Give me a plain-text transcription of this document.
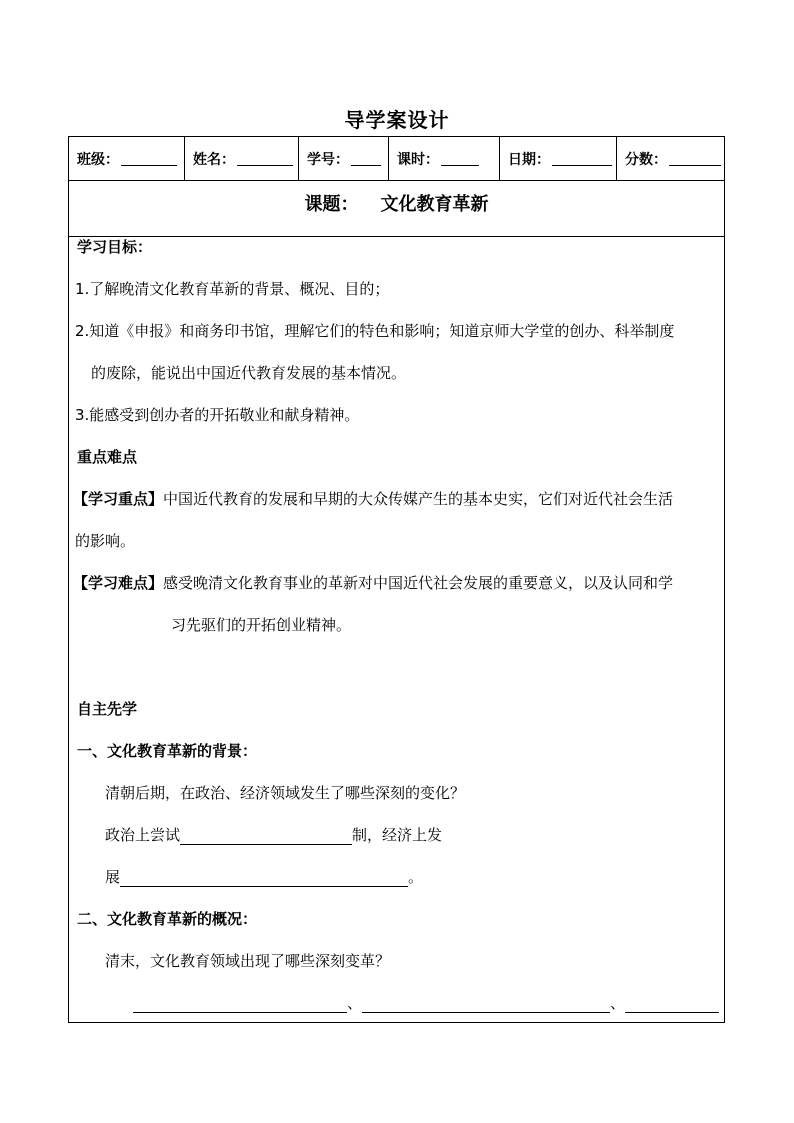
导学案设计
班级：	姓名：	学号：	课时：	日期：	分数：
课题： 文化教育革新
学习目标：
1.了解晚清文化教育革新的背景、概况、目的；
2.知道《申报》和商务印书馆，理解它们的特色和影响；知道京师大学堂的创办、科举制度
的废除，能说出中国近代教育发展的基本情况。
3.能感受到创办者的开拓敬业和献身精神。
重点难点
【学习重点】中国近代教育的发展和早期的大众传媒产生的基本史实，它们对近代社会生活
的影响。
【学习难点】感受晚清文化教育事业的革新对中国近代社会发展的重要意义，以及认同和学
习先驱们的开拓创业精神。
自主先学
一、文化教育革新的背景：
清朝后期，在政治、经济领域发生了哪些深刻的变化？
政治上尝试	制，经济上发
展	。
二、文化教育革新的概况：
清末，文化教育领域出现了哪些深刻变革？
、	、
